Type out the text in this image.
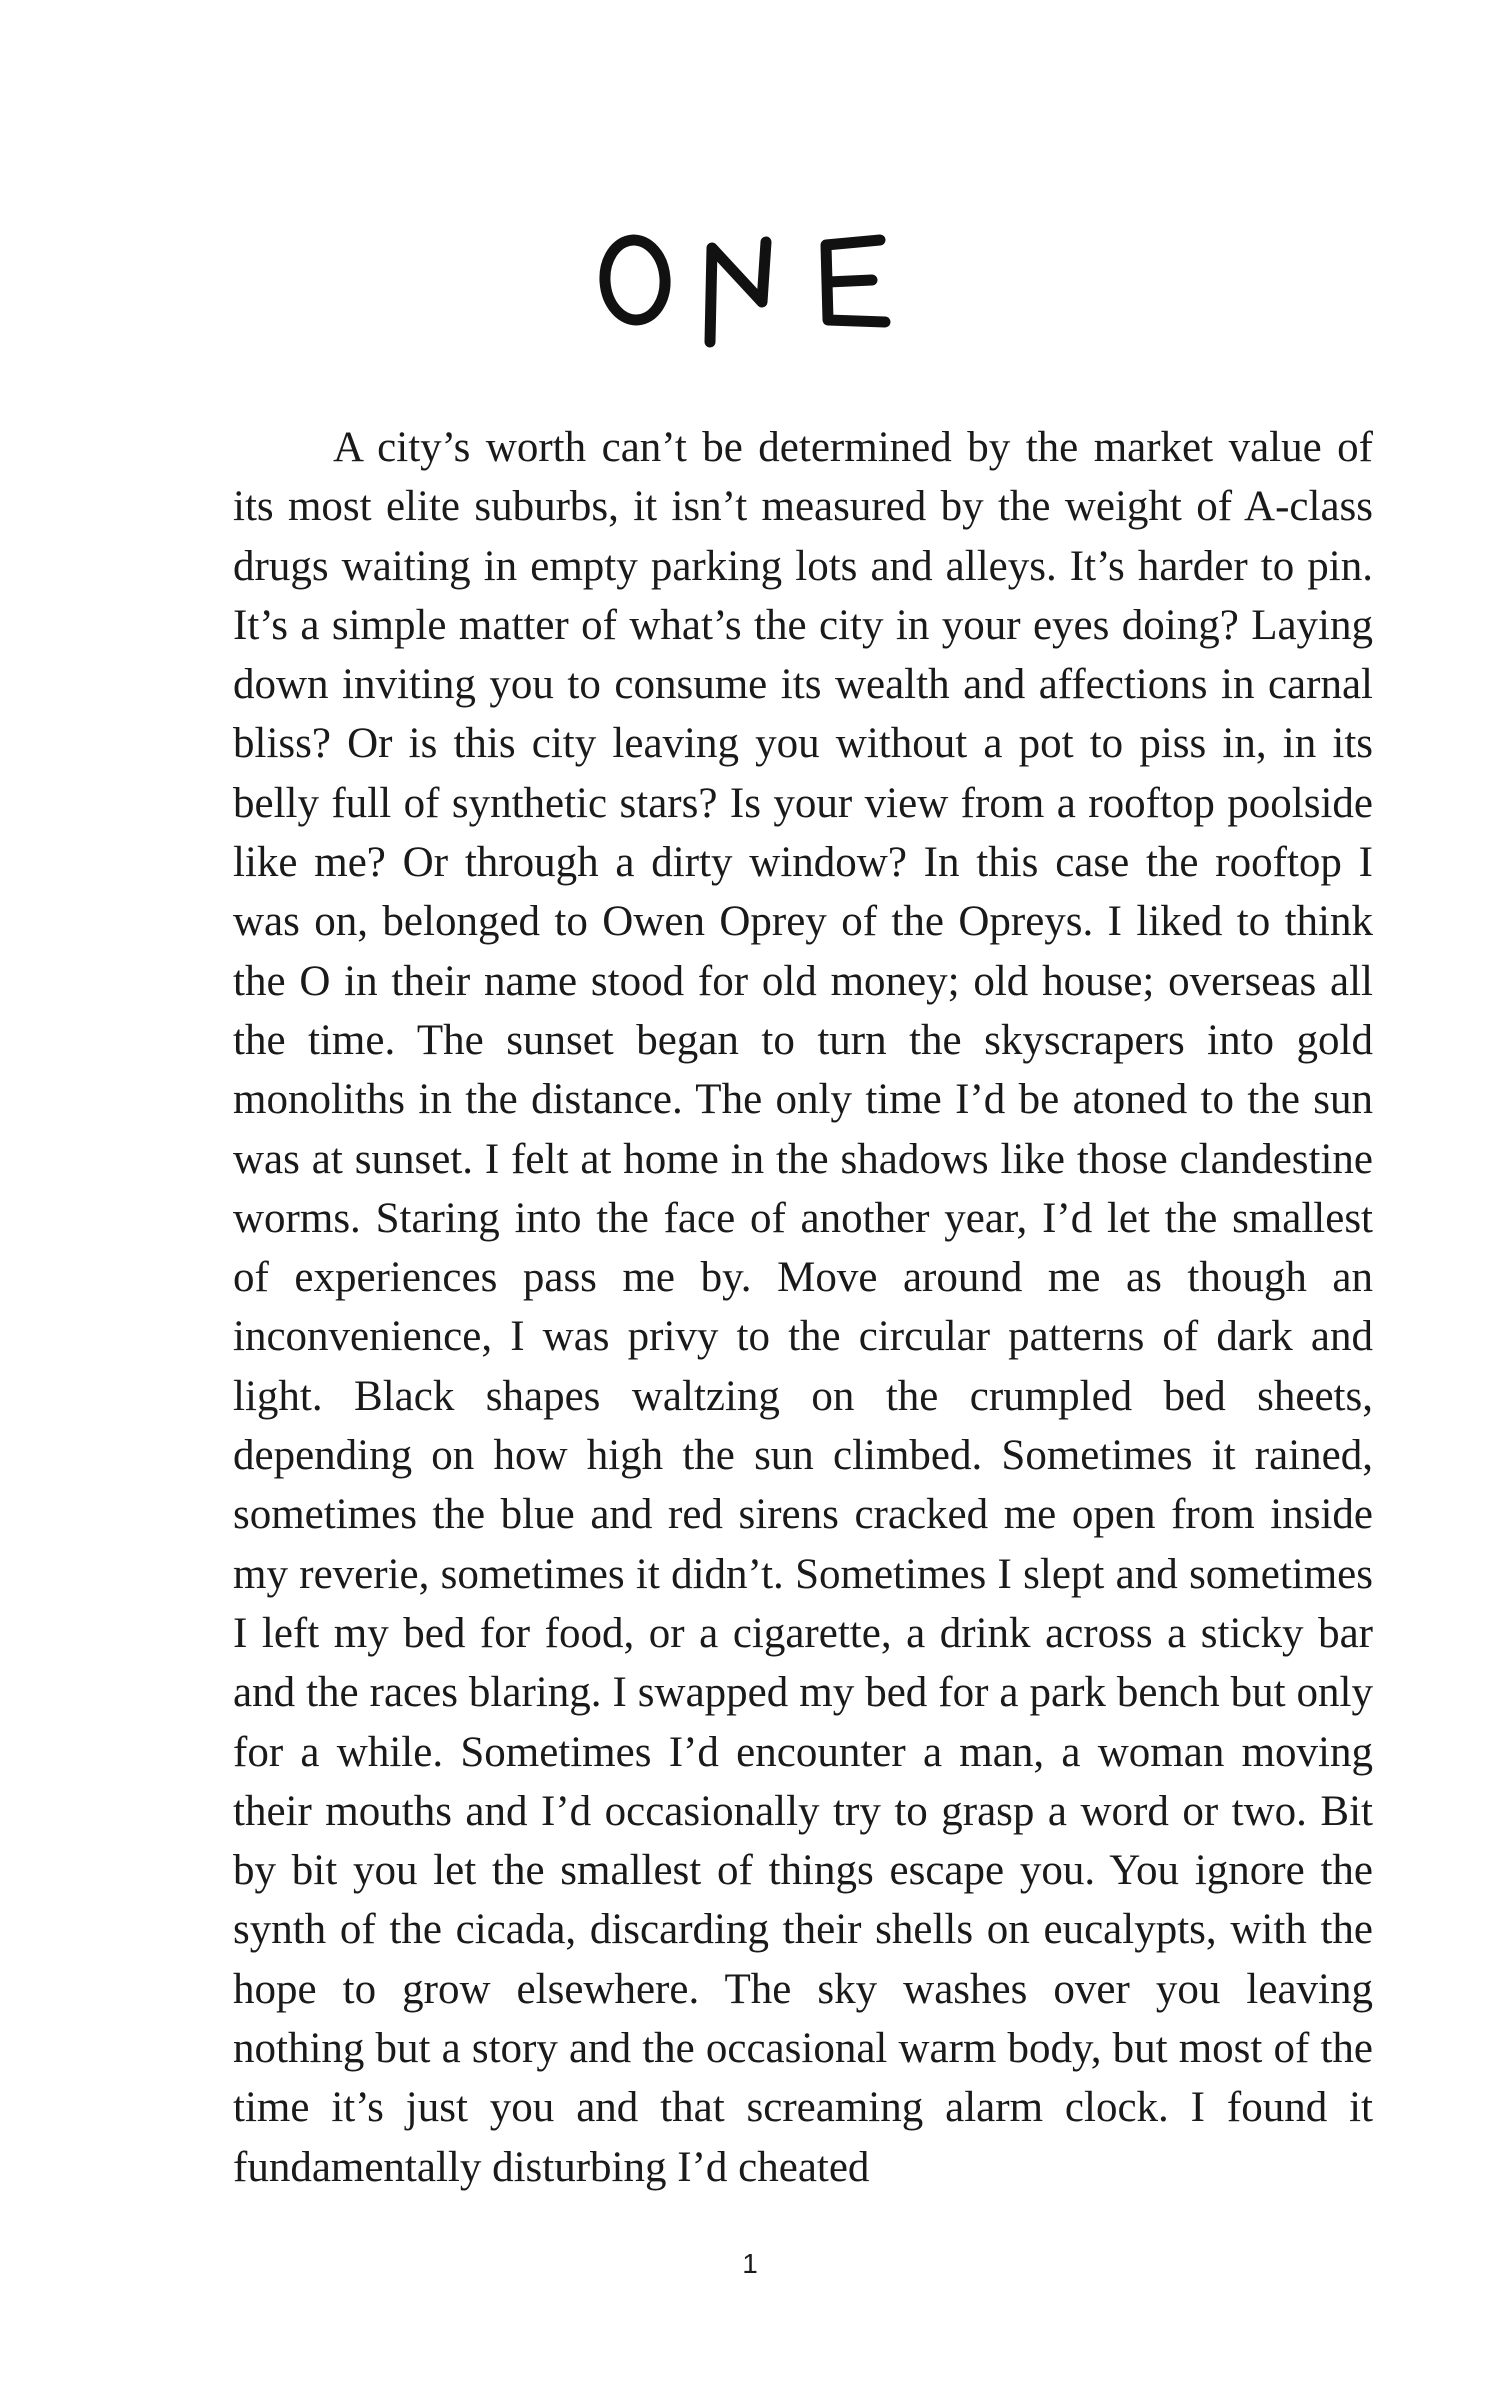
A city’s worth can’t be determined by the market value of its most elite suburbs, it isn’t measured by the weight of A-class drugs waiting in empty parking lots and alleys. It’s harder to pin. It’s a simple matter of what’s the city in your eyes doing? Laying down inviting you to consume its wealth and affections in carnal bliss? Or is this city leaving you without a pot to piss in, in its belly full of synthetic stars? Is your view from a rooftop poolside like me? Or through a dirty window? In this case the rooftop I was on, belonged to Owen Oprey of the Opreys. I liked to think the O in their name stood for old money; old house; overseas all the time. The sunset began to turn the skyscrapers into gold monoliths in the distance. The only time I’d be atoned to the sun was at sunset. I felt at home in the shadows like those clandestine worms. Staring into the face of another year, I’d let the smallest of experiences pass me by. Move around me as though an inconvenience, I was privy to the circular patterns of dark and light. Black shapes waltzing on the crumpled bed sheets, depending on how high the sun climbed. Sometimes it rained, sometimes the blue and red sirens cracked me open from inside my reverie, sometimes it didn’t. Sometimes I slept and sometimes I left my bed for food, or a cigarette, a drink across a sticky bar and the races blaring. I swapped my bed for a park bench but only for a while. Sometimes I’d encounter a man, a woman moving their mouths and I’d occasionally try to grasp a word or two. Bit by bit you let the smallest of things escape you. You ignore the synth of the cicada, discarding their shells on eucalypts, with the hope to grow elsewhere. The sky washes over you leaving nothing but a story and the occasional warm body, but most of the time it’s just you and that screaming alarm clock. I found it fundamentally disturbing I’d cheated

1
